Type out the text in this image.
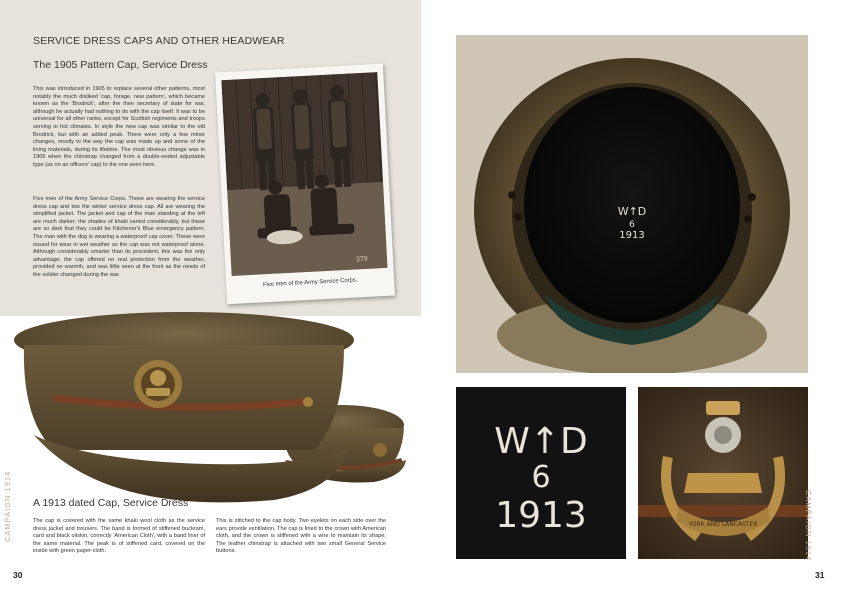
SERVICE DRESS CAPS AND OTHER HEADWEAR
The 1905 Pattern Cap, Service Dress
This was introduced in 1905 to replace several other patterns, most notably the much disliked 'cap, forage, new pattern', which became known as the 'Brodrick', after the then secretary of state for war, although he actually had nothing to do with the cap itself. It was to be universal for all other ranks, except for Scottish regiments and troops serving in hot climates. In style the new cap was similar to the old Brodrick, but with an added peak. There were only a few minor changes, mostly to the way the cap was made up and some of the lining materials, during its lifetime. The most obvious change was in 1906 when the chinstrap changed from a double-ended adjustable type (as on an officers' cap) to the one seen here.
Five men of the Army Service Corps. These are wearing the service dress cap and two the winter service dress cap. All are wearing the simplified jacket. The jacket and cap of the man standing at the left are much darker; the shades of khaki varied considerably, but these are so dark that they could be Kitchener's Blue emergency pattern. The man with the dog is wearing a waterproof cap cover. These were issued for wear in wet weather as the cap was not waterproof alone. Although considerably smarter than its precedent, this was the only advantage; the cap offered no real protection from the weather, provided no warmth, and was little seen at the front as the needs of the soldier changed during the war.
379
Five men of the Army Service Corps.
A 1913 dated Cap, Service Dress
The cap is covered with the same khaki wool cloth as the service dress jacket and trousers. The band is formed of stiffened buckram, card and black oilskin, correctly 'American Cloth', with a band liner of the same material. The peak is of stiffened card, covered on the inside with green paper-cloth.
This is stitched to the cap body. Two eyelets on each side over the ears provide ventilation. The cap is lined to the crown with American cloth, and the crown is stiffened with a wire to maintain its shape. The leather chinstrap is attached with two small General Service buttons.
CAMPAIGN 1914
30
W↑D
6
1913
W↑D
6
1913	YORK AND LANCASTER	CAMPAIGN 1914
31
